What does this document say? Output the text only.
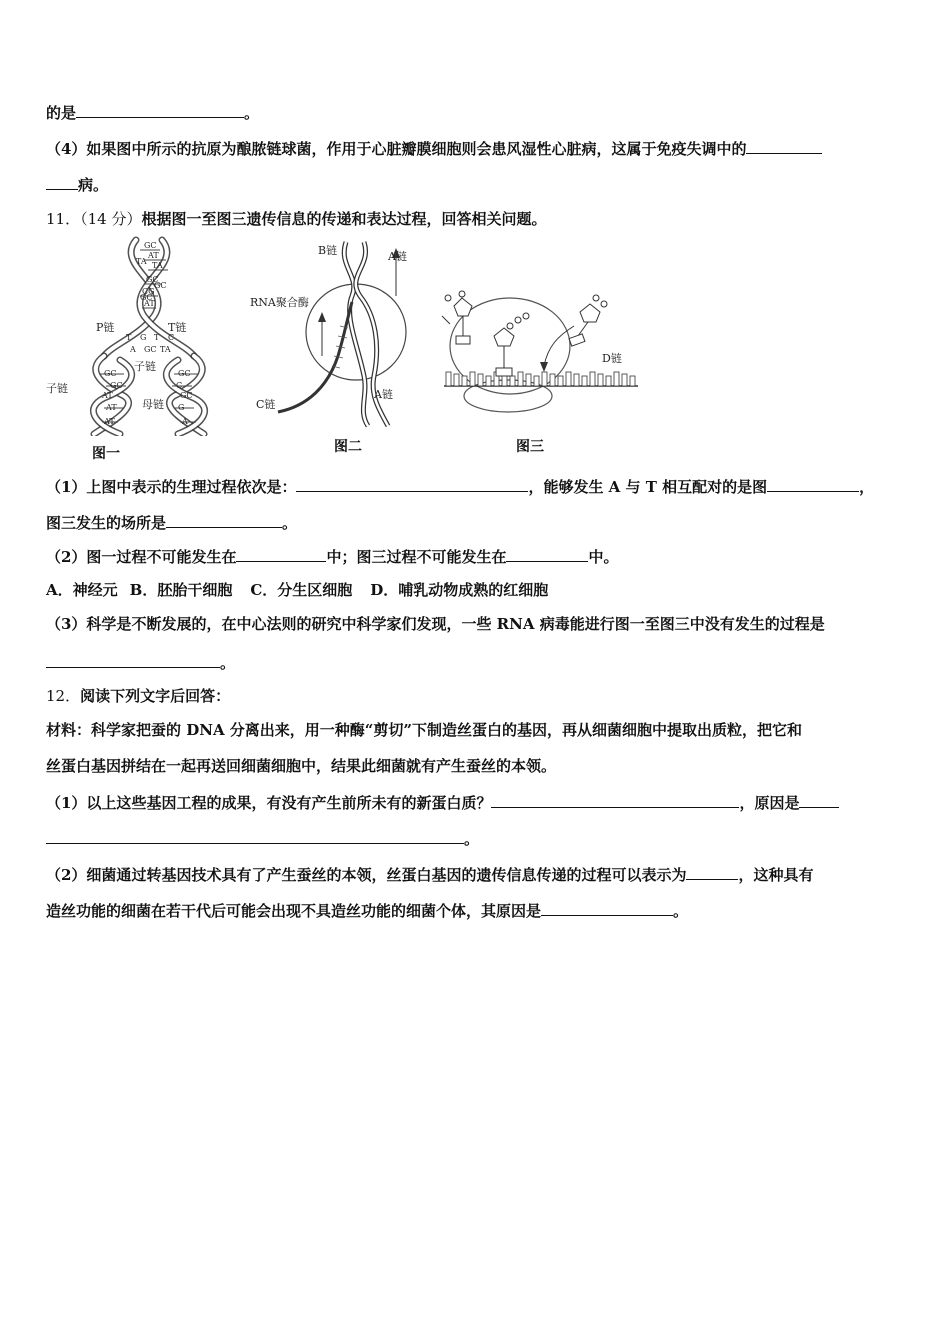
的是	。
（4）如果图中所示的抗原为酿脓链球菌，作用于心脏瓣膜细胞则会患风湿性心脏病，这属于免疫失调中的
病。
11．（14 分）根据图一至图三遗传信息的传递和表达过程，回答相关问题。
GC
AT
TA
GC
CG
AT
GC
GC
AT
AT
GC
C
G
A
T G T C
A GC TA
TA
GC
GC
AT	GC
P链	T链
子链
子链
母链
图一
B链	A链
RNA聚合酶
C链
A链
图二
D链
图三
（1）上图中表示的生理过程依次是：	，能够发生 A 与 T 相互配对的是图	，
图三发生的场所是	。
（2）图一过程不可能发生在	中；图三过程不可能发生在	中。
A．神经元 B．胚胎干细胞 C．分生区细胞 D．哺乳动物成熟的红细胞
（3）科学是不断发展的，在中心法则的研究中科学家们发现，一些 RNA 病毒能进行图一至图三中没有发生的过程是
。
12．阅读下列文字后回答：
材料：科学家把蚕的 DNA 分离出来，用一种酶“剪切”下制造丝蛋白的基因，再从细菌细胞中提取出质粒，把它和
丝蛋白基因拼结在一起再送回细菌细胞中，结果此细菌就有产生蚕丝的本领。
（1）以上这些基因工程的成果，有没有产生前所未有的新蛋白质？	，原因是
。
（2）细菌通过转基因技术具有了产生蚕丝的本领，丝蛋白基因的遗传信息传递的过程可以表示为	，这种具有
造丝功能的细菌在若干代后可能会出现不具造丝功能的细菌个体，其原因是	。
